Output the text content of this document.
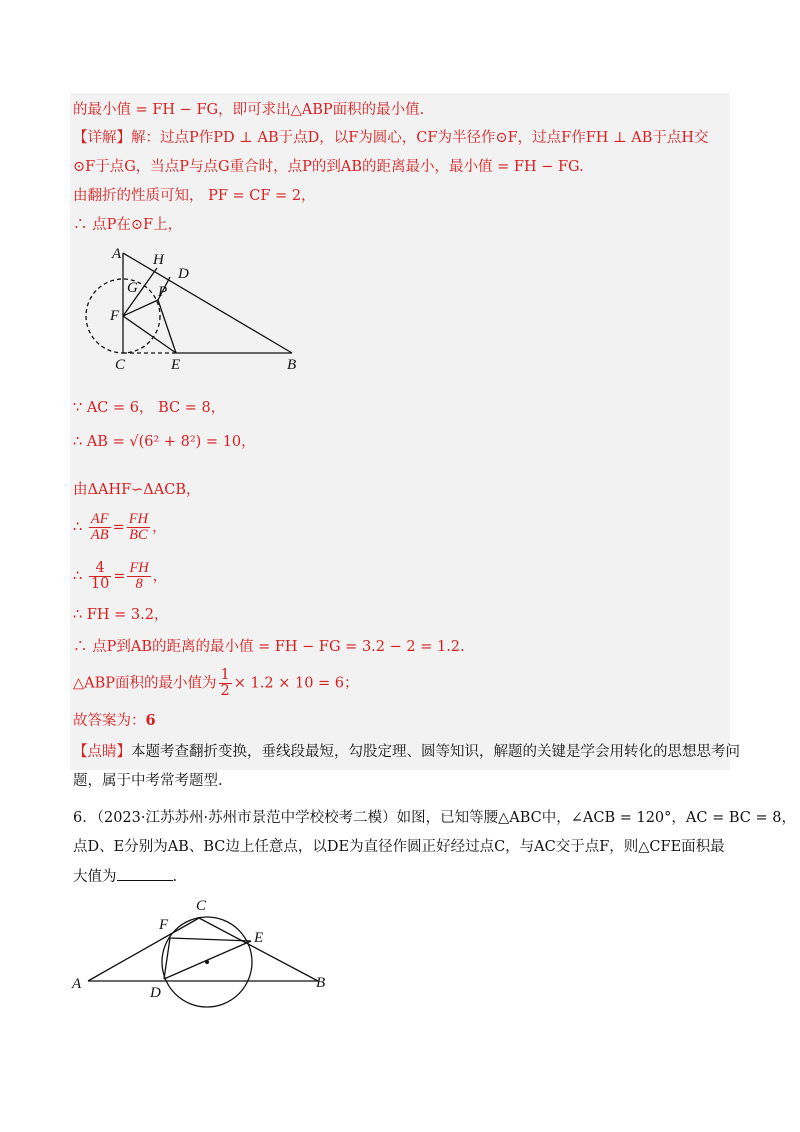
的最小值 = FH − FG，即可求出△ABP面积的最小值.
【详解】解：过点P作PD ⊥ AB于点D，以F为圆心，CF为半径作⊙F，过点F作FH ⊥ AB于点H交
⊙F于点G，当点P与点G重合时，点P的到AB的距离最小，最小值 = FH − FG.
由翻折的性质可知， PF = CF = 2，
∴ 点P在⊙F上，
A H
D
G P
F
C	E	B
∵ AC = 6， BC = 8，
∴ AB = √(6² + 8²) = 10，
由ΔAHF∽ΔACB，
∴ $\frac{AF}{AB} = \frac{FH}{BC}$ ，
∴ $\frac{4}{10} = \frac{FH}{8}$ ，
∴ FH = 3.2，
∴ 点P到AB的距离的最小值 = FH − FG = 3.2 − 2 = 1.2.
△ABP面积的最小值为 $\frac{1}{2} \times 1.2 \times 10 = 6$；
故答案为：6
【点睛】本题考查翻折变换，垂线段最短，勾股定理、圆等知识，解题的关键是学会用转化的思想思考问
题，属于中考常考题型.
6．（2023·江苏苏州·苏州市景范中学校校考二模）如图，已知等腰△ABC中，∠ACB = 120°，AC = BC = 8，
点D、E分别为AB、BC边上任意点，以DE为直径作圆正好经过点C，与AC交于点F，则△CFE面积最
大值为	.
C
F
E
A
D
B
